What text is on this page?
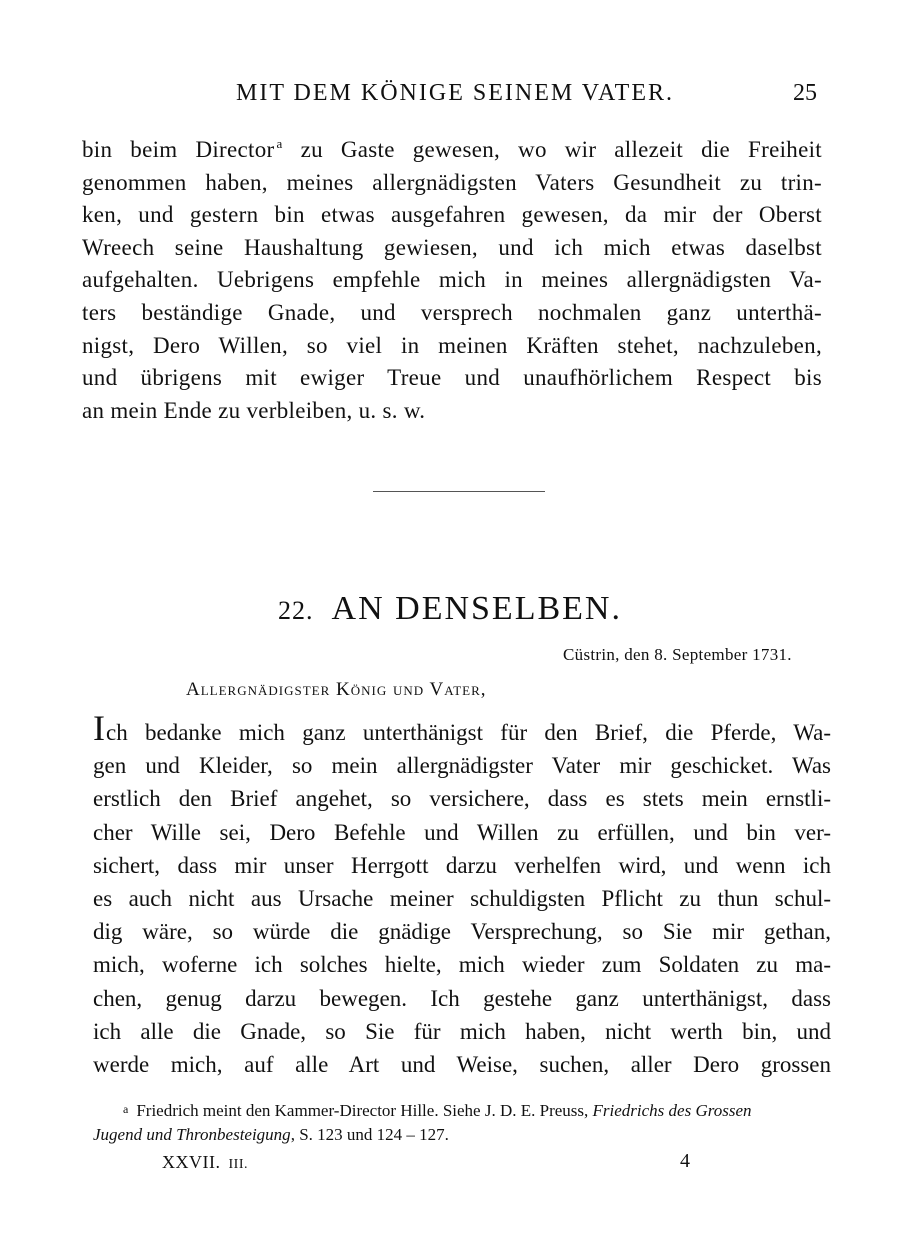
MIT DEM KÖNIGE SEINEM VATER.	25
bin beim Director $^a$ zu Gaste gewesen, wo wir allezeit die Freiheit
genommen haben, meines allergnädigsten Vaters Gesundheit zu trin-
ken, und gestern bin etwas ausgefahren gewesen, da mir der Oberst
Wreech seine Haushaltung gewiesen, und ich mich etwas daselbst
aufgehalten. Uebrigens empfehle mich in meines allergnädigsten Va-
ters beständige Gnade, und versprech nochmalen ganz unterthä-
nigst, Dero Willen, so viel in meinen Kräften stehet, nachzuleben,
und übrigens mit ewiger Treue und unaufhörlichem Respect bis
an mein Ende zu verbleiben, u. s. w.
22. AN DENSELBEN.
Cüstrin, den 8. September 1731.
Allergnädigster König und Vater,
Ich bedanke mich ganz unterthänigst für den Brief, die Pferde, Wa-
gen und Kleider, so mein allergnädigster Vater mir geschicket. Was
erstlich den Brief angehet, so versichere, dass es stets mein ernstli-
cher Wille sei, Dero Befehle und Willen zu erfüllen, und bin ver-
sichert, dass mir unser Herrgott darzu verhelfen wird, und wenn ich
es auch nicht aus Ursache meiner schuldigsten Pflicht zu thun schul-
dig wäre, so würde die gnädige Versprechung, so Sie mir gethan,
mich, woferne ich solches hielte, mich wieder zum Soldaten zu ma-
chen, genug darzu bewegen. Ich gestehe ganz unterthänigst, dass
ich alle die Gnade, so Sie für mich haben, nicht werth bin, und
werde mich, auf alle Art und Weise, suchen, aller Dero grossen
a Friedrich meint den Kammer-Director Hille. Siehe J. D. E. Preuss, Friedrichs des Grossen
Jugend und Thronbesteigung, S. 123 und 124 – 127.
XXVII. III.	4
